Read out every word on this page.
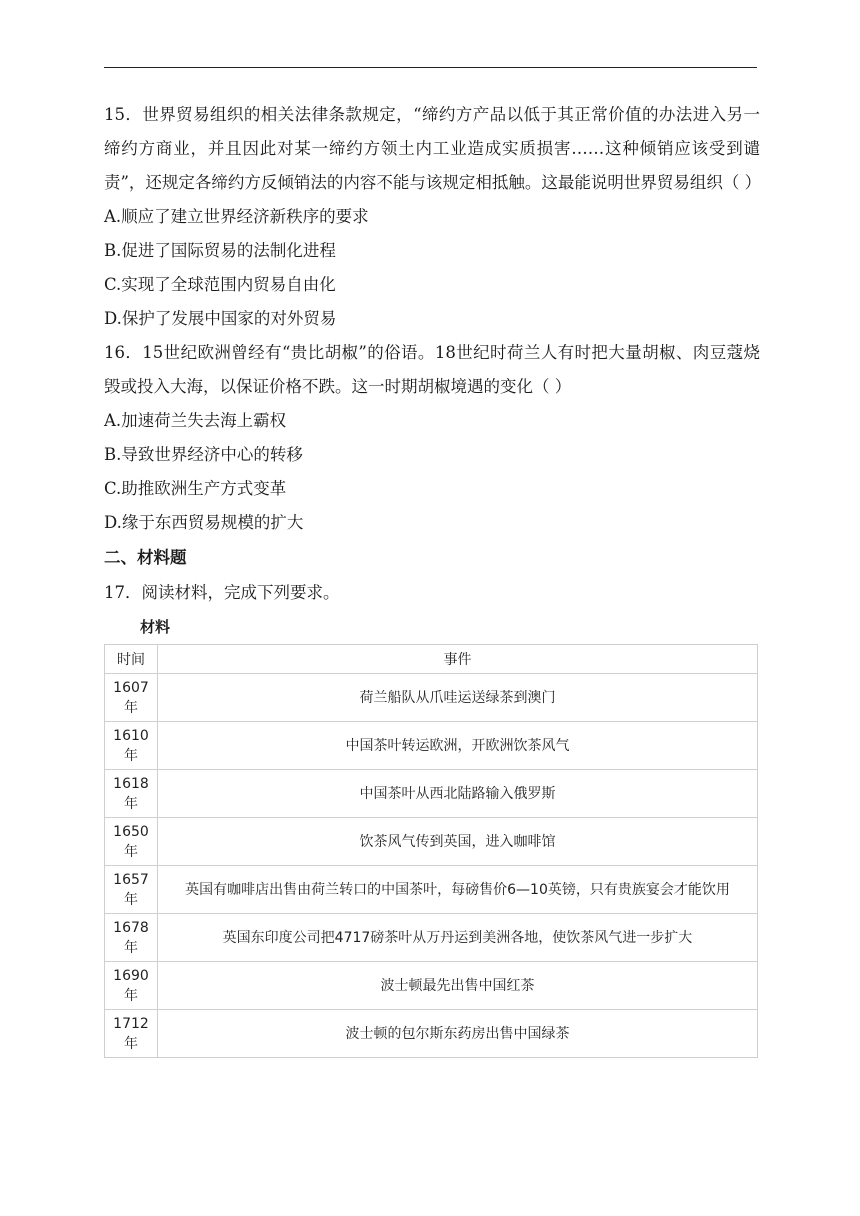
15．世界贸易组织的相关法律条款规定，“缔约方产品以低于其正常价值的办法进入另一缔约方商业，并且因此对某一缔约方领土内工业造成实质损害……这种倾销应该受到谴责”，还规定各缔约方反倾销法的内容不能与该规定相抵触。这最能说明世界贸易组织（ ）

A.顺应了建立世界经济新秩序的要求

B.促进了国际贸易的法制化进程

C.实现了全球范围内贸易自由化

D.保护了发展中国家的对外贸易

16．15世纪欧洲曾经有“贵比胡椒”的俗语。18世纪时荷兰人有时把大量胡椒、肉豆蔻烧毁或投入大海，以保证价格不跌。这一时期胡椒境遇的变化（ ）

A.加速荷兰失去海上霸权

B.导致世界经济中心的转移

C.助推欧洲生产方式变革

D.缘于东西贸易规模的扩大

二、材料题

17．阅读材料，完成下列要求。

材料

时间	事件
1607年	荷兰船队从爪哇运送绿茶到澳门
1610年	中国茶叶转运欧洲，开欧洲饮茶风气
1618年	中国茶叶从西北陆路输入俄罗斯
1650年	饮茶风气传到英国，进入咖啡馆
1657年	英国有咖啡店出售由荷兰转口的中国茶叶，每磅售价6—10英镑，只有贵族宴会才能饮用
1678年	英国东印度公司把4717磅茶叶从万丹运到美洲各地，使饮茶风气进一步扩大
1690年	波士顿最先出售中国红茶
1712年	波士顿的包尔斯东药房出售中国绿茶
